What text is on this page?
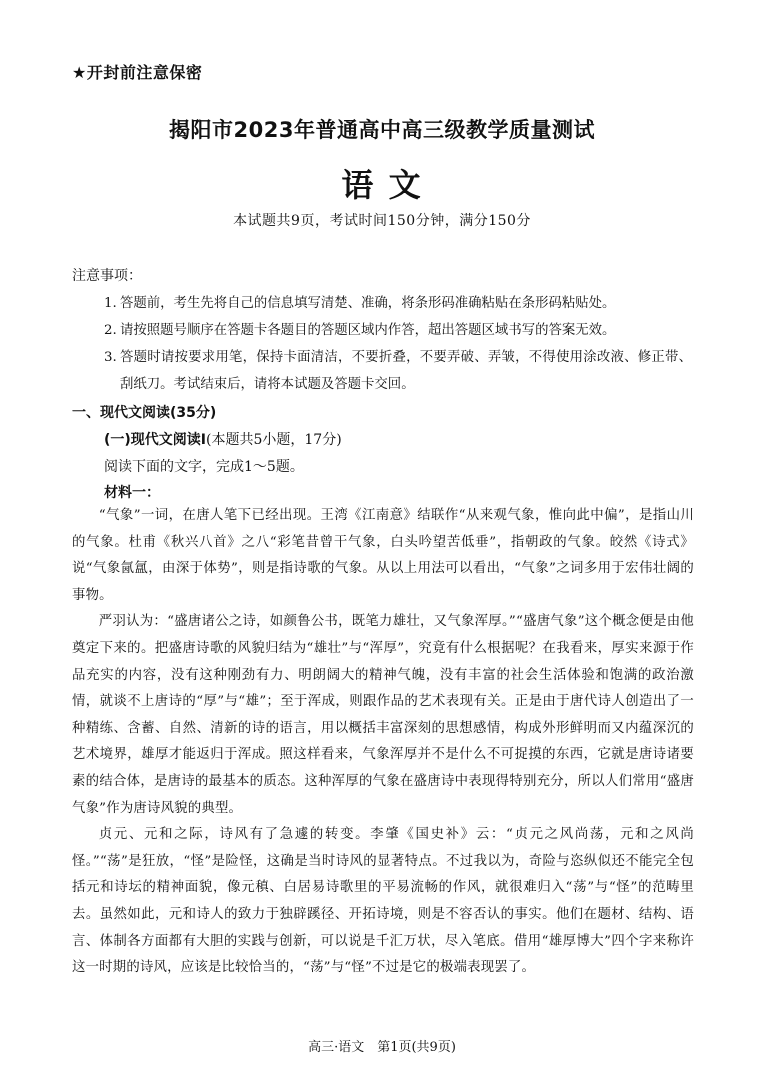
★开封前注意保密
揭阳市2023年普通高中高三级教学质量测试
语 文
本试题共9页，考试时间150分钟，满分150分
注意事项：
1. 答题前，考生先将自己的信息填写清楚、准确，将条形码准确粘贴在条形码粘贴处。
2. 请按照题号顺序在答题卡各题目的答题区域内作答，超出答题区域书写的答案无效。
3. 答题时请按要求用笔，保持卡面清洁，不要折叠，不要弄破、弄皱，不得使用涂改液、修正带、刮纸刀。考试结束后，请将本试题及答题卡交回。
一、现代文阅读(35分)
(一)现代文阅读Ⅰ(本题共5小题，17分)
阅读下面的文字，完成1～5题。
材料一：

“气象”一词，在唐人笔下已经出现。王湾《江南意》结联作“从来观气象，惟向此中偏”，是指山川的气象。杜甫《秋兴八首》之八“彩笔昔曾干气象，白头吟望苦低垂”，指朝政的气象。皎然《诗式》说“气象氤氲，由深于体势”，则是指诗歌的气象。从以上用法可以看出，“气象”之词多用于宏伟壮阔的事物。

严羽认为：“盛唐诸公之诗，如颜鲁公书，既笔力雄壮，又气象浑厚。”“盛唐气象”这个概念便是由他奠定下来的。把盛唐诗歌的风貌归结为“雄壮”与“浑厚”，究竟有什么根据呢？在我看来，厚实来源于作品充实的内容，没有这种刚劲有力、明朗阔大的精神气魄，没有丰富的社会生活体验和饱满的政治激情，就谈不上唐诗的“厚”与“雄”；至于浑成，则跟作品的艺术表现有关。正是由于唐代诗人创造出了一种精练、含蓄、自然、清新的诗的语言，用以概括丰富深刻的思想感情，构成外形鲜明而又内蕴深沉的艺术境界，雄厚才能返归于浑成。照这样看来，气象浑厚并不是什么不可捉摸的东西，它就是唐诗诸要素的结合体，是唐诗的最基本的质态。这种浑厚的气象在盛唐诗中表现得特别充分，所以人们常用“盛唐气象”作为唐诗风貌的典型。

贞元、元和之际，诗风有了急遽的转变。李肇《国史补》云：“贞元之风尚荡，元和之风尚怪。”“荡”是狂放，“怪”是险怪，这确是当时诗风的显著特点。不过我以为，奇险与恣纵似还不能完全包括元和诗坛的精神面貌，像元稹、白居易诗歌里的平易流畅的作风，就很难归入“荡”与“怪”的范畴里去。虽然如此，元和诗人的致力于独辟蹊径、开拓诗境，则是不容否认的事实。他们在题材、结构、语言、体制各方面都有大胆的实践与创新，可以说是千汇万状，尽入笔底。借用“雄厚博大”四个字来称许这一时期的诗风，应该是比较恰当的，“荡”与“怪”不过是它的极端表现罢了。

高三·语文　第1页(共9页)
